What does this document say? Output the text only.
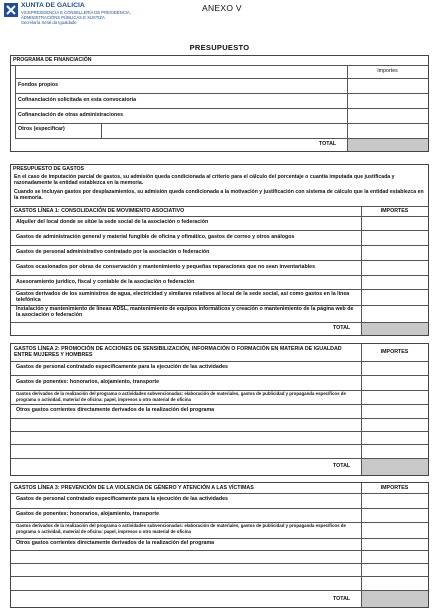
XUNTA DE GALICIA
VICEPRESIDENCIA E CONSELLERÍA DE PRESIDENCIA,
ADMINISTRACIÓNS PÚBLICAS E XUSTIZA
Secretaría Xeral da Igualdade
ANEXO V
PRESUPUESTO
PROGRAMA DE FINANCIACIÓN
Importes
Fondos propios
Cofinanciación solicitada en esta convocatoria
Cofinanciación de otras administraciones
Otros (especificar)
TOTAL
PRESUPUESTO DE GASTOS
En el caso de imputación parcial de gastos, su admisión queda condicionada al criterio para el cálculo del porcentaje o cuantía imputada que justificada y razonadamente la entidad establezca en la memoria.
Cuando se incluyan gastos por desplazamientos, su admisión queda condicionada a la motivación y justificación con sistema de cálculo que la entidad establezca en la memoria.
GASTOS LÍNEA 1: CONSOLIDACIÓN DE MOVIMIENTO ASOCIATIVO	IMPORTES
Alquiler del local donde se sitúe la sede social de la asociación o federación
Gastos de administración general y material fungible de oficina y ofimático, gastos de correo y otros análogos
Gastos de personal administrativo contratado por la asociación o federación
Gastos ocasionados por obras de conservación y mantenimiento y pequeñas reparaciones que no sean inventariables
Asesoramiento jurídico, fiscal y contable de la asociación o federación
Gastos derivados de los suministros de agua, electricidad y similares relativos al local de la sede social, así como gastos en la línea telefónica
Instalación y mantenimiento de líneas ADSL, mantenimiento de equipos informáticos y creación o mantenimiento de la página web de la asociación o federación
TOTAL
GASTOS LÍNEA 2: PROMOCIÓN DE ACCIONES DE SENSIBILIZACIÓN, INFORMACIÓN O FORMACIÓN EN MATERIA DE IGUALDAD ENTRE MUJERES Y HOMBRES
IMPORTES
Gastos de personal contratado específicamente para la ejecución de las actividades
Gastos de ponentes: honorarios, alojamiento, transporte
Gastos derivados de la realización del programa o actividades subvencionadas: elaboración de materiales, gastos de publicidad y propaganda específicos de programa o actividad, material de oficina: papel, impresos u otro material de oficina
Otros gastos corrientes directamente derivados de la realización del programa
TOTAL
GASTOS LÍNEA 3: PREVENCIÓN DE LA VIOLENCIA DE GÉNERO Y ATENCIÓN A LAS VÍCTIMAS	IMPORTES
Gastos de personal contratado específicamente para la ejecución de las actividades
Gastos de ponentes: honorarios, alojamiento, transporte
Gastos derivados de la realización del programa o actividades subvencionadas: elaboración de materiales, gastos de publicidad y propaganda específicos de programa o actividad, material de oficina: papel, impresos u otro material de oficina
Otros gastos corrientes directamente derivados de la realización del programa
TOTAL
